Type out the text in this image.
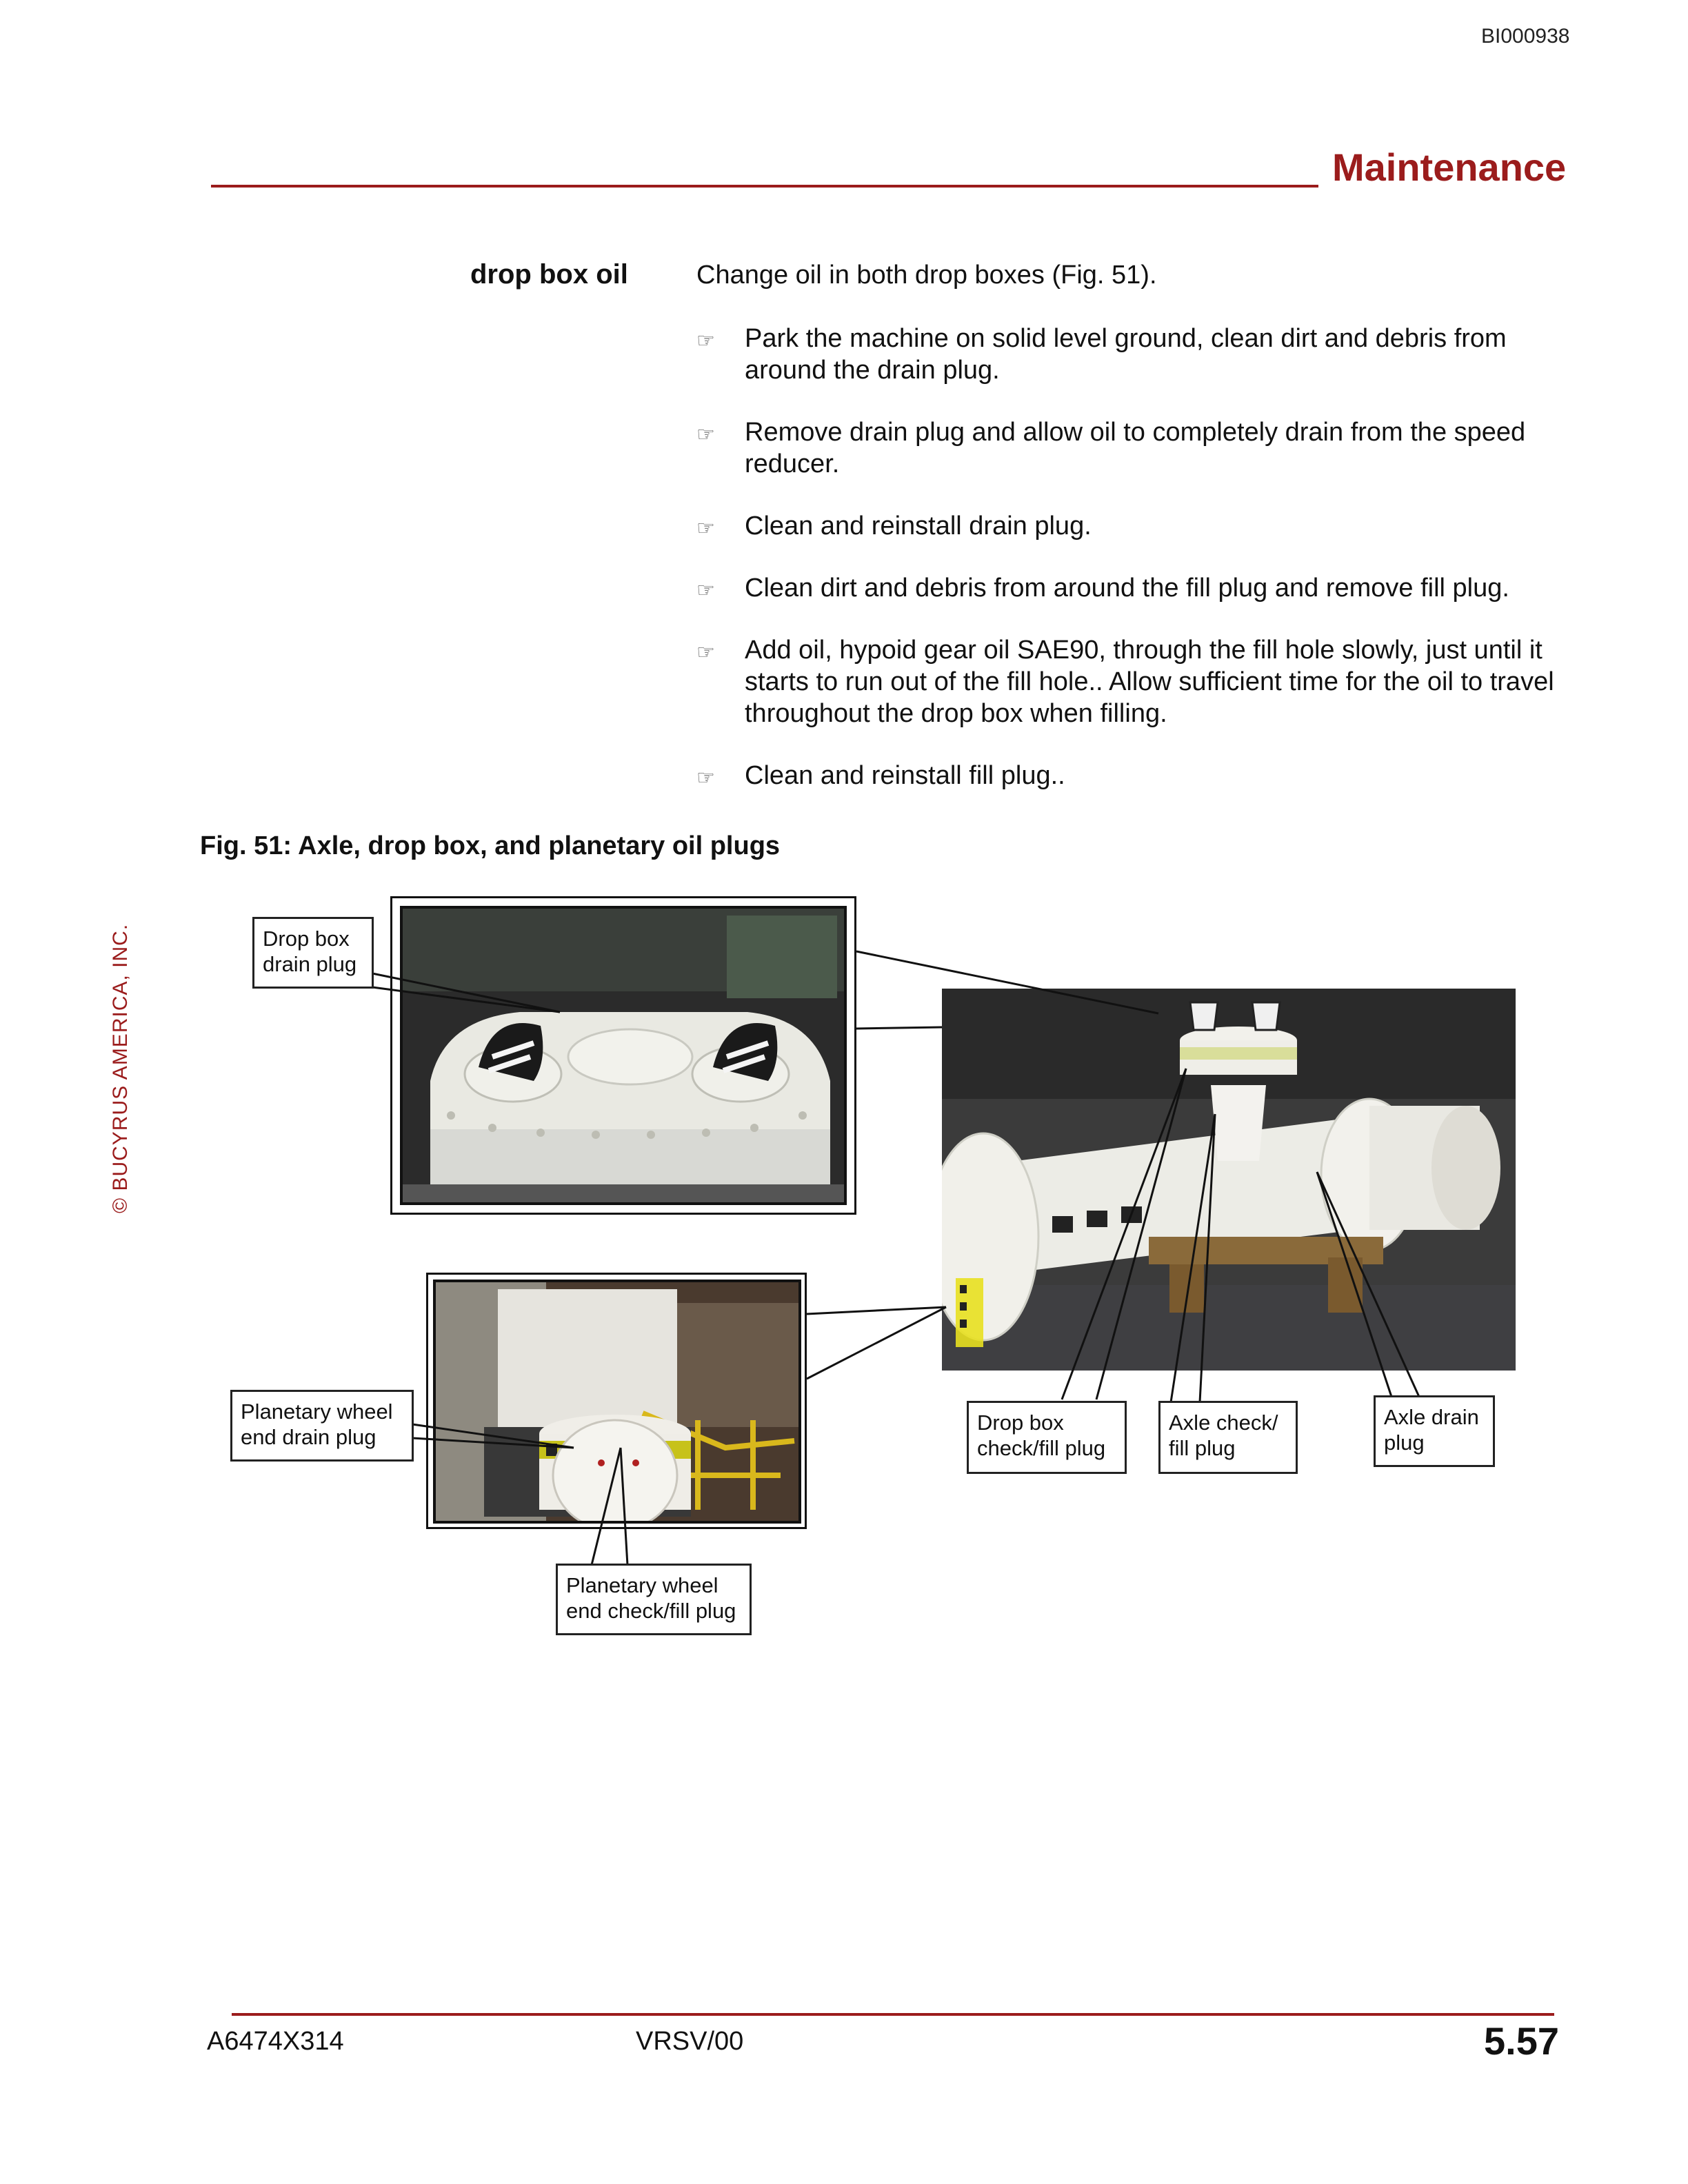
BI000938
Maintenance
© BUCYRUS AMERICA, INC.
drop box oil	Change oil in both drop boxes (Fig. 51).
☞ Park the machine on solid level ground, clean dirt and debris from around the drain plug.
☞ Remove drain plug and allow oil to completely drain from the speed reducer.
☞ Clean and reinstall drain plug.
☞ Clean dirt and debris from around the fill plug and remove fill plug.
☞ Add oil, hypoid gear oil SAE90, through the fill hole slowly, just until it starts to run out of the fill hole.. Allow sufficient time for the oil to travel throughout the drop box when filling.
☞ Clean and reinstall fill plug..
Fig. 51: Axle, drop box, and planetary oil plugs
Drop box
drain plug
Planetary wheel
end drain plug
Planetary wheel
end check/fill plug
Drop box
check/fill plug
Axle check/
fill plug
Axle drain
plug
A6474X314	VRSV/00	5.57
